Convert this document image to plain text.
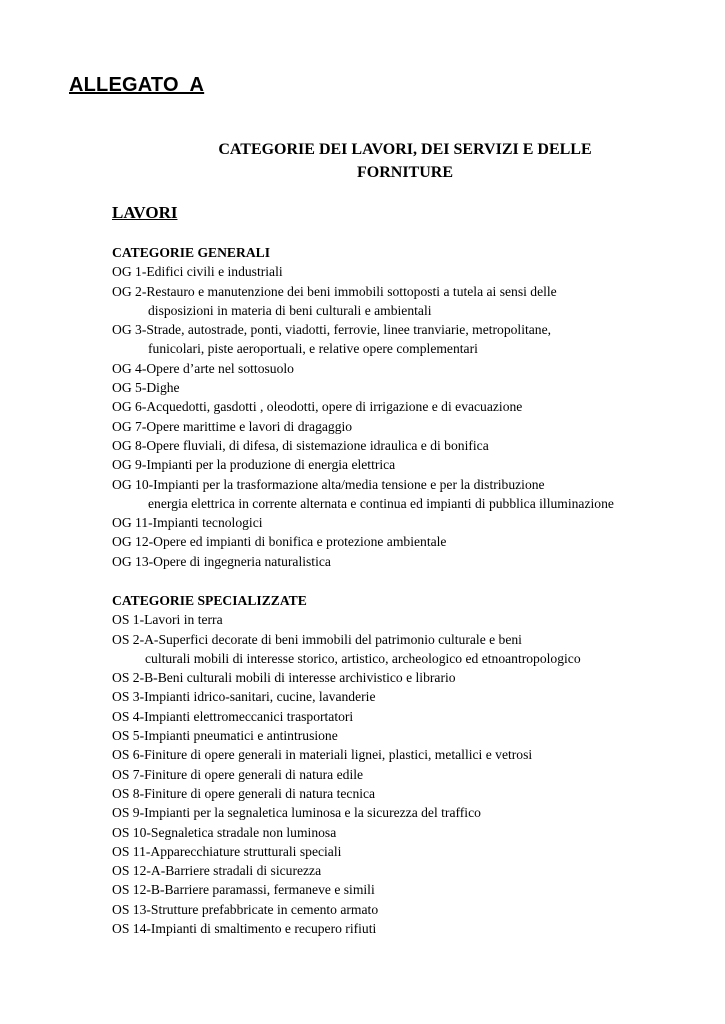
ALLEGATO  A
CATEGORIE DEI LAVORI, DEI SERVIZI E DELLE
FORNITURE
LAVORI
CATEGORIE GENERALI
OG 1-Edifici civili e industriali
OG 2-Restauro e manutenzione dei beni immobili sottoposti a tutela ai sensi delle
disposizioni in materia di beni culturali e ambientali
OG 3-Strade, autostrade, ponti, viadotti, ferrovie, linee tranviarie, metropolitane,
funicolari, piste aeroportuali, e relative opere complementari
OG 4-Opere d’arte nel sottosuolo
OG 5-Dighe
OG 6-Acquedotti, gasdotti , oleodotti, opere di irrigazione e di evacuazione
OG 7-Opere marittime e lavori di dragaggio
OG 8-Opere fluviali, di difesa, di sistemazione idraulica e di bonifica
OG 9-Impianti per la produzione di energia elettrica
OG 10-Impianti per la trasformazione alta/media tensione e per la distribuzione
energia elettrica in corrente alternata e continua ed impianti di pubblica illuminazione
OG 11-Impianti tecnologici
OG 12-Opere ed impianti di bonifica e protezione ambientale
OG 13-Opere di ingegneria naturalistica
CATEGORIE SPECIALIZZATE
OS 1-Lavori in terra
OS 2-A-Superfici decorate di beni immobili del patrimonio culturale e beni
culturali mobili di interesse storico, artistico, archeologico ed etnoantropologico
OS 2-B-Beni culturali mobili di interesse archivistico e librario
OS 3-Impianti idrico-sanitari, cucine, lavanderie
OS 4-Impianti elettromeccanici trasportatori
OS 5-Impianti pneumatici e antintrusione
OS 6-Finiture di opere generali in materiali lignei, plastici, metallici e vetrosi
OS 7-Finiture di opere generali di natura edile
OS 8-Finiture di opere generali di natura tecnica
OS 9-Impianti per la segnaletica luminosa e la sicurezza del traffico
OS 10-Segnaletica stradale non luminosa
OS 11-Apparecchiature strutturali speciali
OS 12-A-Barriere stradali di sicurezza
OS 12-B-Barriere paramassi, fermaneve e simili
OS 13-Strutture prefabbricate in cemento armato
OS 14-Impianti di smaltimento e recupero rifiuti
